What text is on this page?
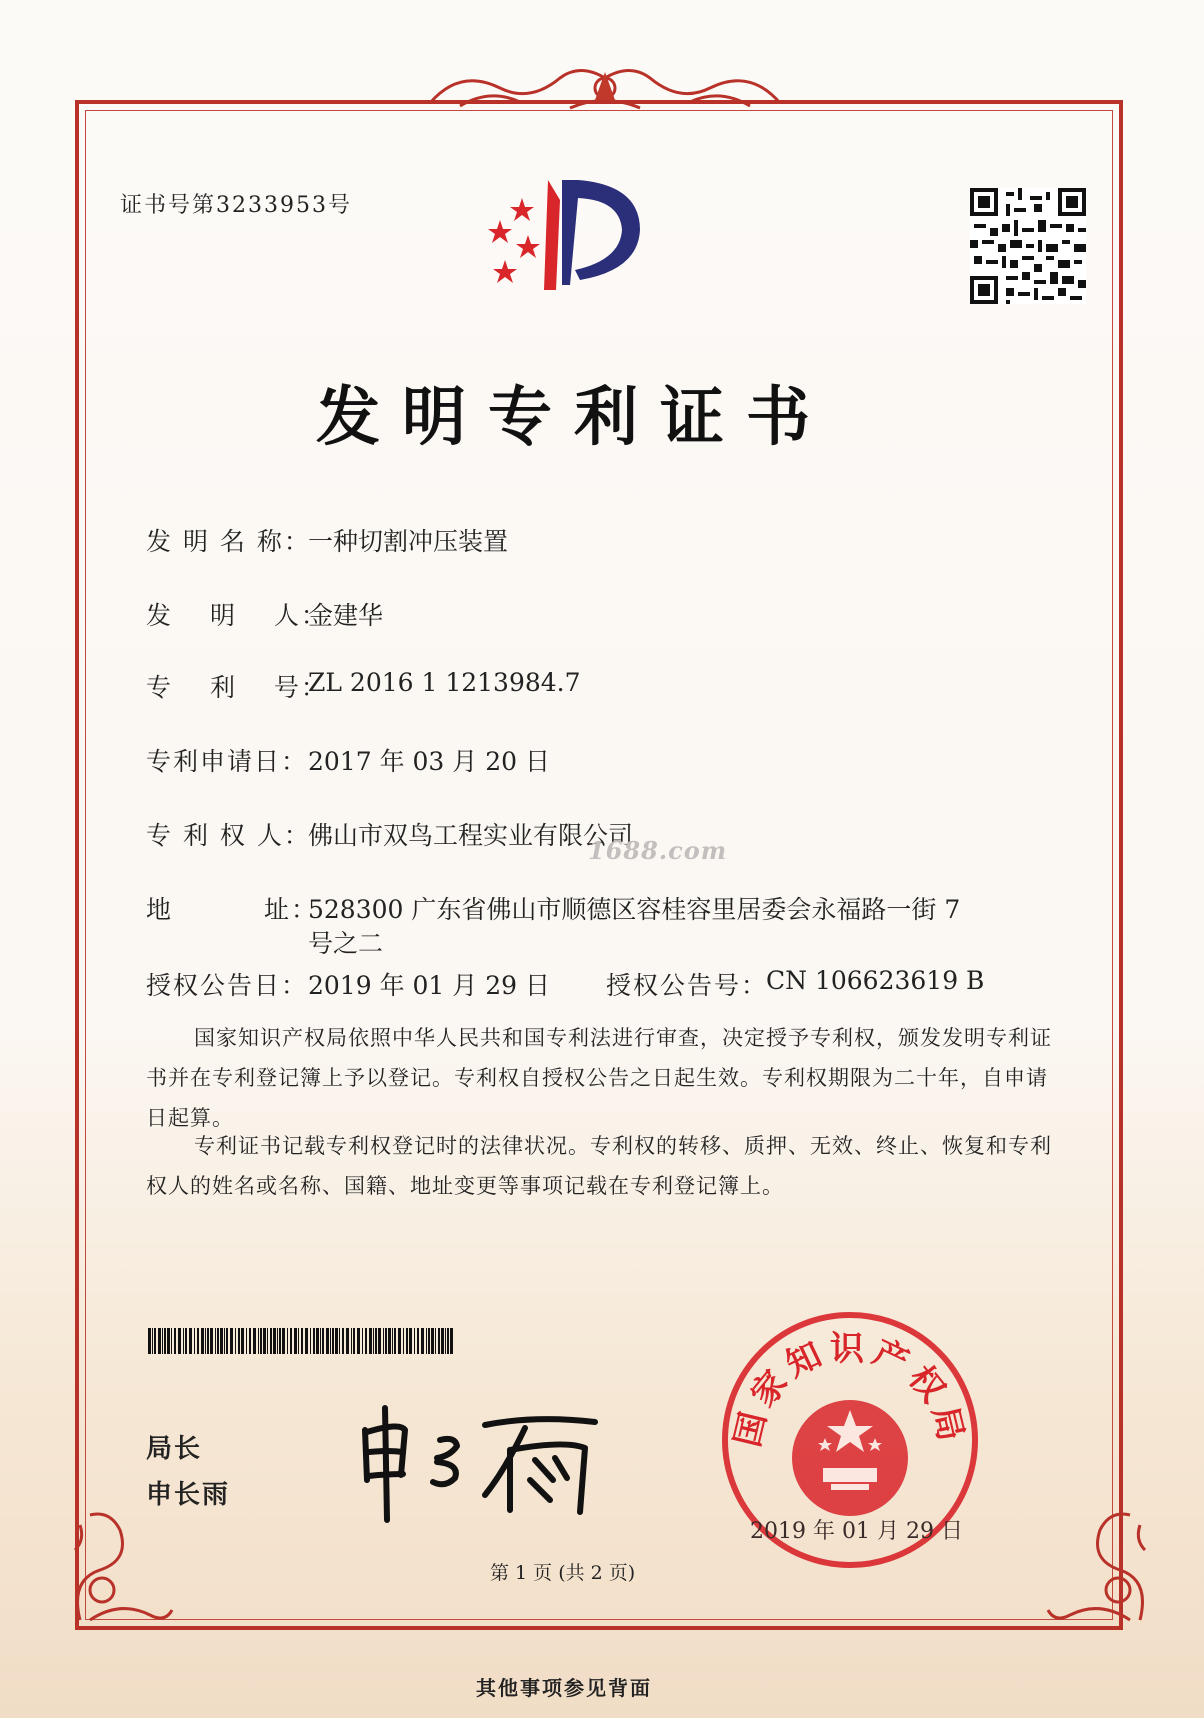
证书号第3233953号
发明专利证书
发 明 名 称：
一种切割冲压装置
发　 明　 人：
金建华
专　 利　 号：
ZL 2016 1 1213984.7
专利申请日： 2017 年 03 月 20 日
专 利 权 人：
佛山市双鸟工程实业有限公司
1688.com
地　　　 址：
528300 广东省佛山市顺德区容桂容里居委会永福路一街 7
号之二
授权公告日： 2019 年 01 月 29 日 授权公告号：
CN 106623619 B
国家知识产权局依照中华人民共和国专利法进行审查，决定授予专利权，颁发发明专利证书并在专利登记簿上予以登记。专利权自授权公告之日起生效。专利权期限为二十年，自申请日起算。
专利证书记载专利权登记时的法律状况。专利权的转移、质押、无效、终止、恢复和专利权人的姓名或名称、国籍、地址变更等事项记载在专利登记簿上。
局长
申长雨
国家知识产权局
2019 年 01 月 29 日
第 1 页 (共 2 页)
其他事项参见背面
